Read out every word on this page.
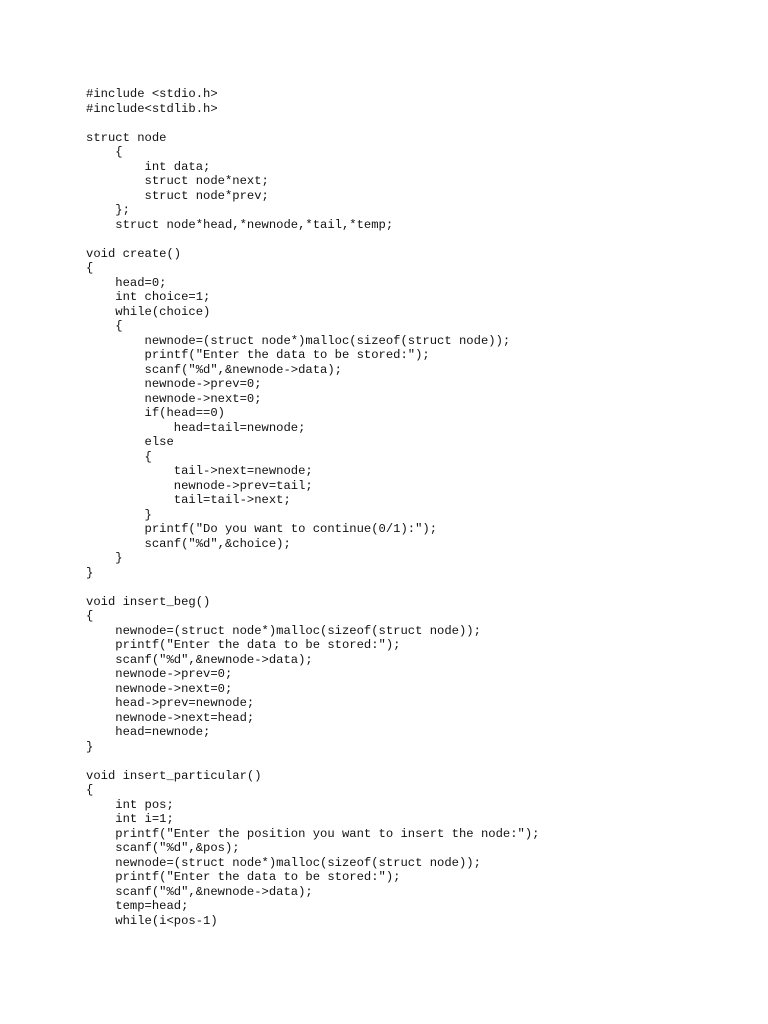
#include <stdio.h>
#include<stdlib.h>

struct node
{
int data;
struct node*next;
struct node*prev;
};
struct node*head,*newnode,*tail,*temp;

void create()
{
head=0;
int choice=1;
while(choice)
{
newnode=(struct node*)malloc(sizeof(struct node));
printf("Enter the data to be stored:");
scanf("%d",&newnode->data);
newnode->prev=0;
newnode->next=0;
if(head==0)
head=tail=newnode;
else
{
tail->next=newnode;
newnode->prev=tail;
tail=tail->next;
}
printf("Do you want to continue(0/1):");
scanf("%d",&choice);
}
}

void insert_beg()
{
newnode=(struct node*)malloc(sizeof(struct node));
printf("Enter the data to be stored:");
scanf("%d",&newnode->data);
newnode->prev=0;
newnode->next=0;
head->prev=newnode;
newnode->next=head;
head=newnode;
}

void insert_particular()
{
int pos;
int i=1;
printf("Enter the position you want to insert the node:");
scanf("%d",&pos);
newnode=(struct node*)malloc(sizeof(struct node));
printf("Enter the data to be stored:");
scanf("%d",&newnode->data);
temp=head;
while(i<pos-1)
